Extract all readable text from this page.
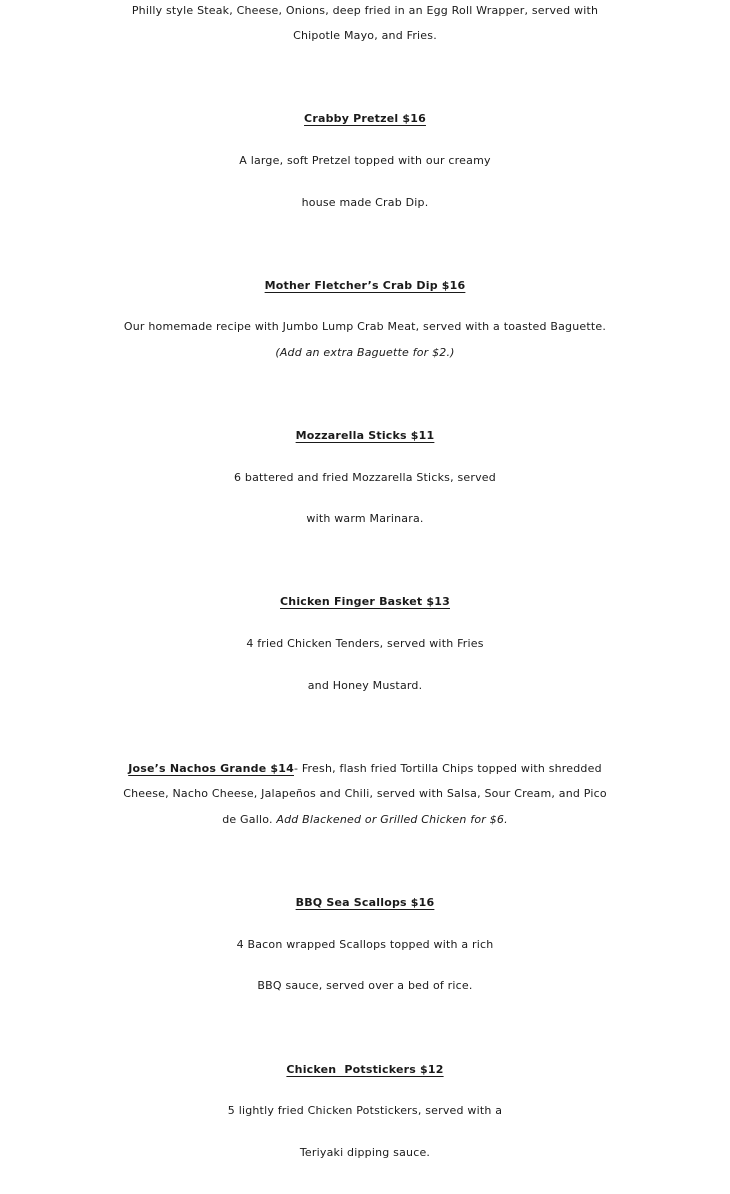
Philly style Steak, Cheese, Onions, deep fried in an Egg Roll Wrapper, served with
Chipotle Mayo, and Fries.
Crabby Pretzel $16
A large, soft Pretzel topped with our creamy
house made Crab Dip.
Mother Fletcher’s Crab Dip $16
Our homemade recipe with Jumbo Lump Crab Meat, served with a toasted Baguette.
(Add an extra Baguette for $2.)
Mozzarella Sticks $11
6 battered and fried Mozzarella Sticks, served
with warm Marinara.
Chicken Finger Basket $13
4 fried Chicken Tenders, served with Fries
and Honey Mustard.
Jose’s Nachos Grande $14- Fresh, flash fried Tortilla Chips topped with shredded
Cheese, Nacho Cheese, Jalapeños and Chili, served with Salsa, Sour Cream, and Pico
de Gallo. Add Blackened or Grilled Chicken for $6.
BBQ Sea Scallops $16
4 Bacon wrapped Scallops topped with a rich
BBQ sauce, served over a bed of rice.
Chicken  Potstickers $12
5 lightly fried Chicken Potstickers, served with a
Teriyaki dipping sauce.
